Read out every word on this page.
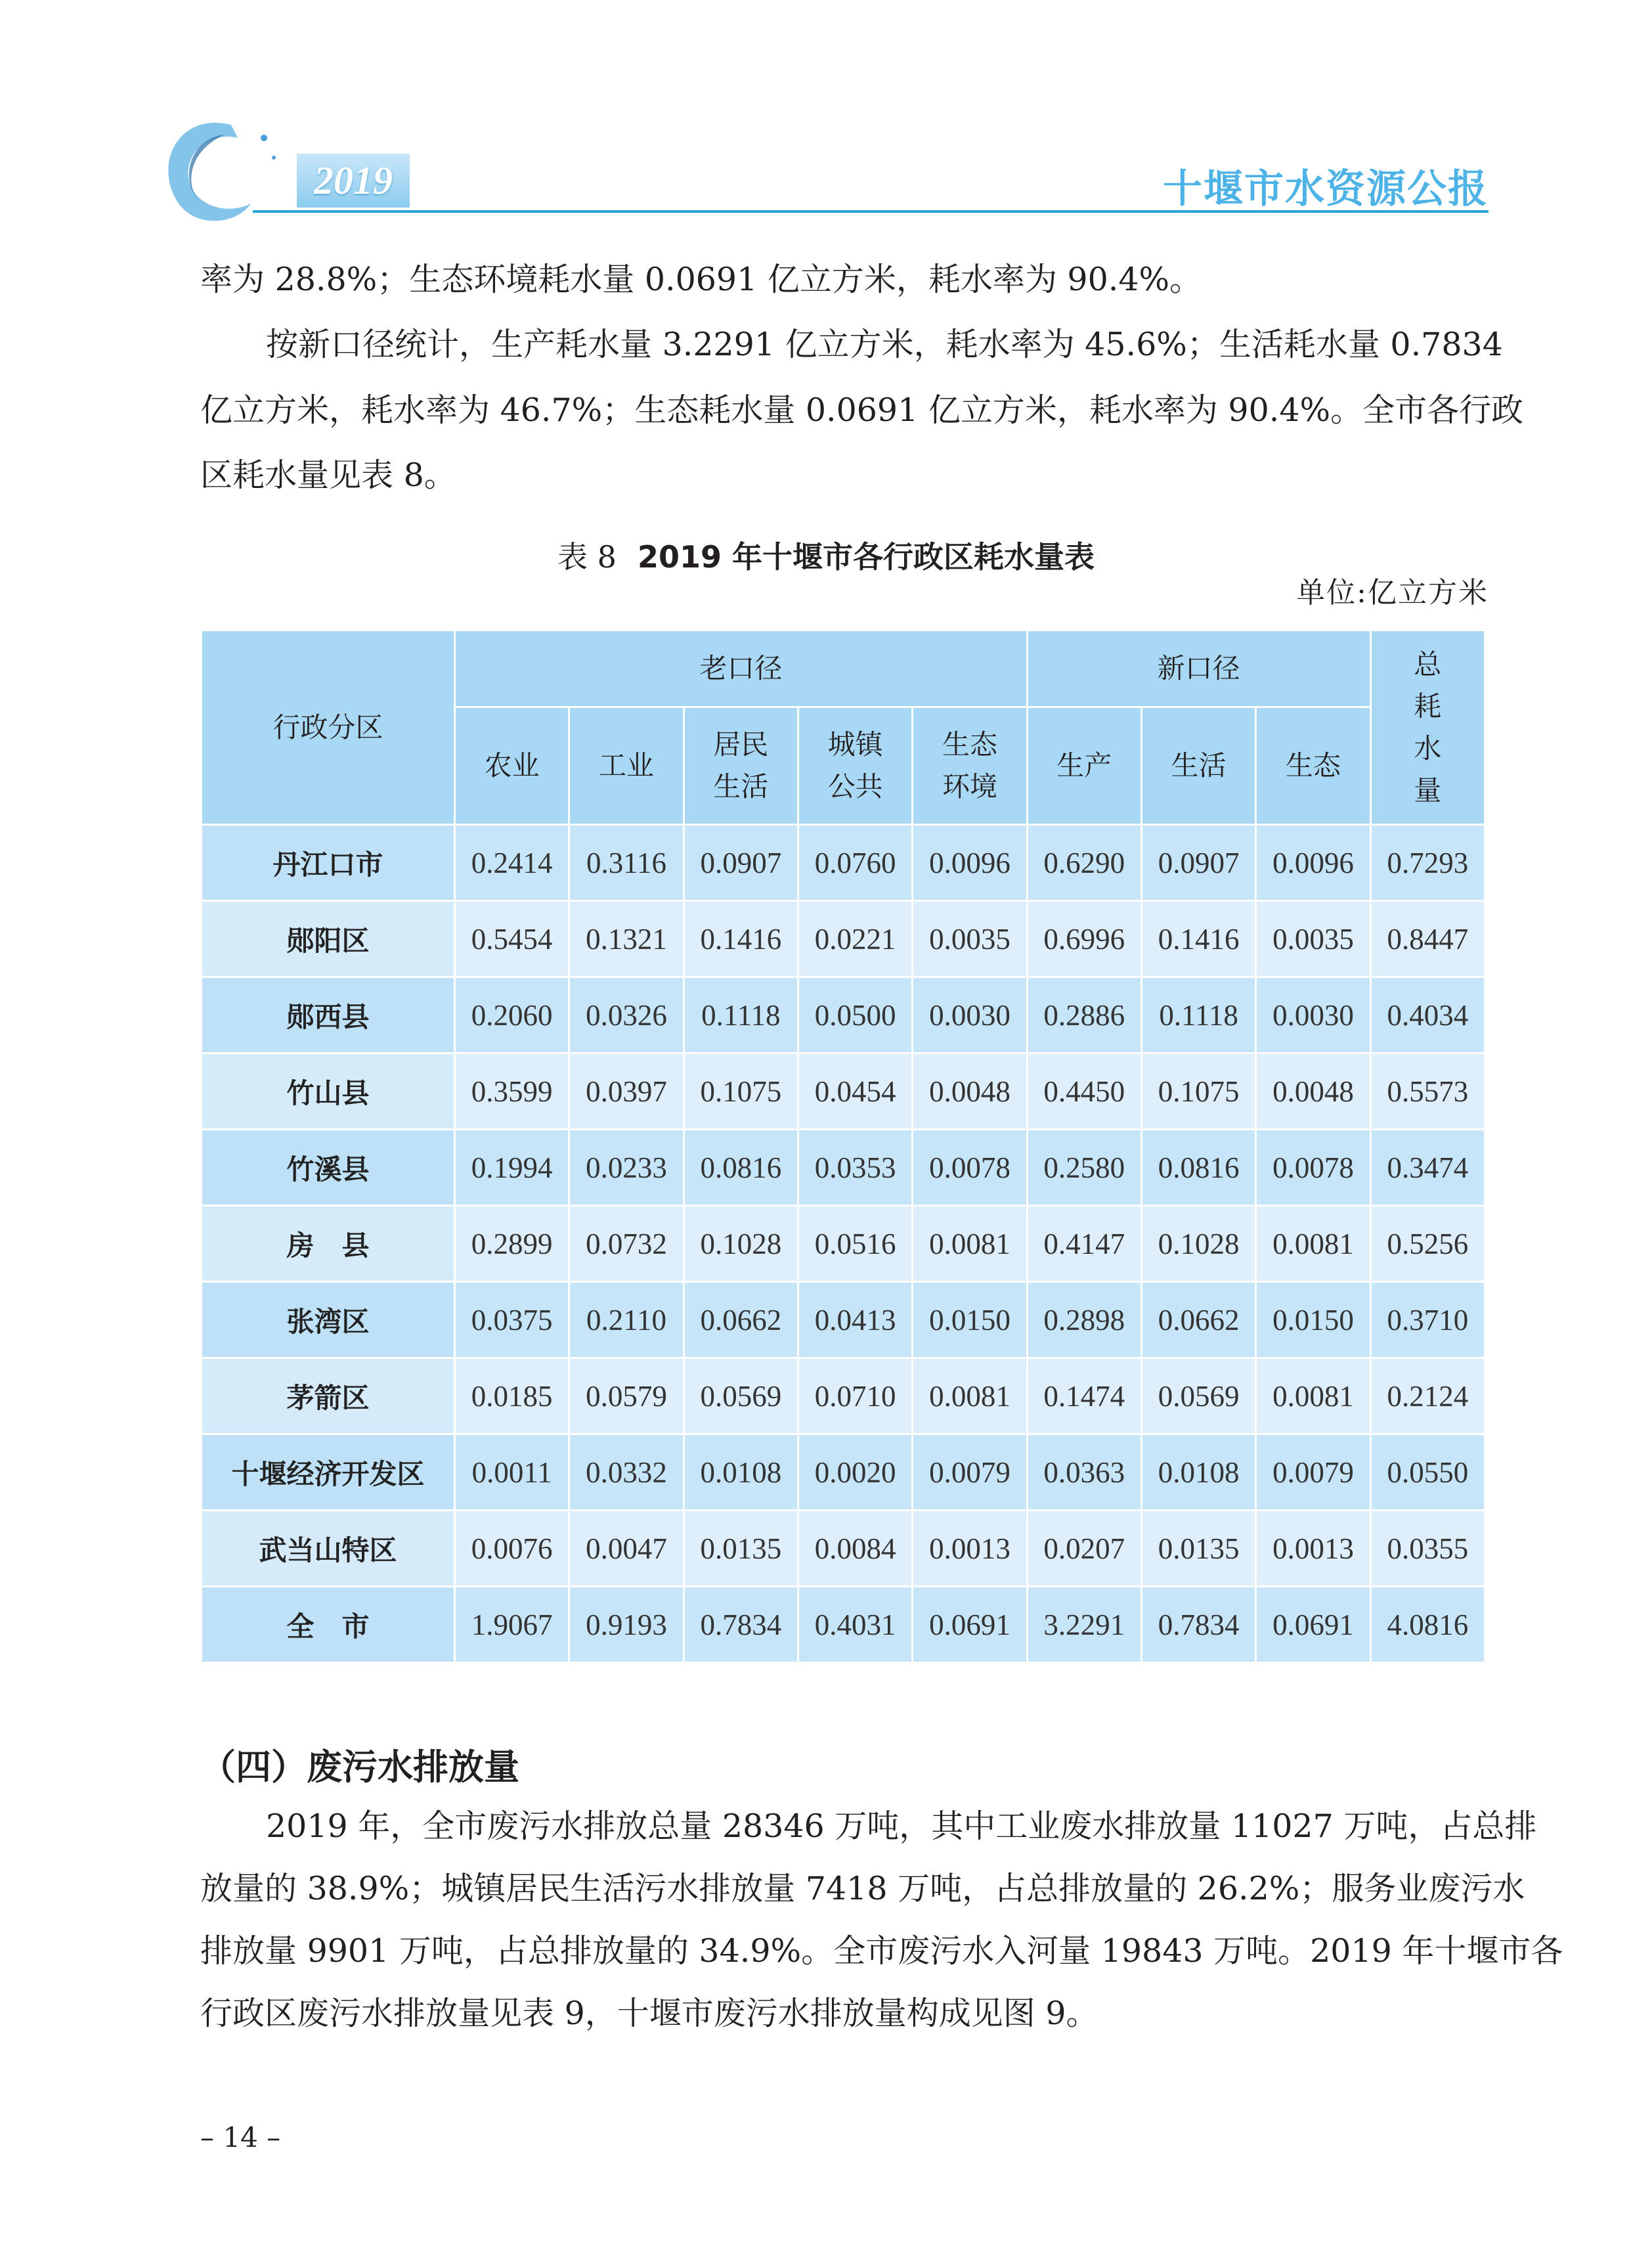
2019	十堰市水资源公报
率为 28.8%；生态环境耗水量 0.0691 亿立方米，耗水率为 90.4%。
按新口径统计，生产耗水量 3.2291 亿立方米，耗水率为 45.6%；生活耗水量 0.7834
亿立方米，耗水率为 46.7%；生态耗水量 0.0691 亿立方米，耗水率为 90.4%。全市各行政
区耗水量见表 8。
表 8 2019 年十堰市各行政区耗水量表
单位:亿立方米
行政分区	老口径					新口径			总耗水量

	农业	工业	居民生活	城镇公共	生态环境	生产	生活	生态	

丹江口市	0.2414	0.3116	0.0907	0.0760	0.0096	0.6290	0.0907	0.0096	0.7293
郧阳区	0.5454	0.1321	0.1416	0.0221	0.0035	0.6996	0.1416	0.0035	0.8447
郧西县	0.2060	0.0326	0.1118	0.0500	0.0030	0.2886	0.1118	0.0030	0.4034
竹山县	0.3599	0.0397	0.1075	0.0454	0.0048	0.4450	0.1075	0.0048	0.5573
竹溪县	0.1994	0.0233	0.0816	0.0353	0.0078	0.2580	0.0816	0.0078	0.3474
房　县	0.2899	0.0732	0.1028	0.0516	0.0081	0.4147	0.1028	0.0081	0.5256
张湾区	0.0375	0.2110	0.0662	0.0413	0.0150	0.2898	0.0662	0.0150	0.3710
茅箭区	0.0185	0.0579	0.0569	0.0710	0.0081	0.1474	0.0569	0.0081	0.2124
十堰经济开发区	0.0011	0.0332	0.0108	0.0020	0.0079	0.0363	0.0108	0.0079	0.0550
武当山特区	0.0076	0.0047	0.0135	0.0084	0.0013	0.0207	0.0135	0.0013	0.0355
全　市	1.9067	0.9193	0.7834	0.4031	0.0691	3.2291	0.7834	0.0691	4.0816
（四）废污水排放量
2019 年，全市废污水排放总量 28346 万吨，其中工业废水排放量 11027 万吨，占总排
放量的 38.9%；城镇居民生活污水排放量 7418 万吨，占总排放量的 26.2%；服务业废污水
排放量 9901 万吨，占总排放量的 34.9%。全市废污水入河量 19843 万吨。2019 年十堰市各
行政区废污水排放量见表 9，十堰市废污水排放量构成见图 9。
– 14 –
